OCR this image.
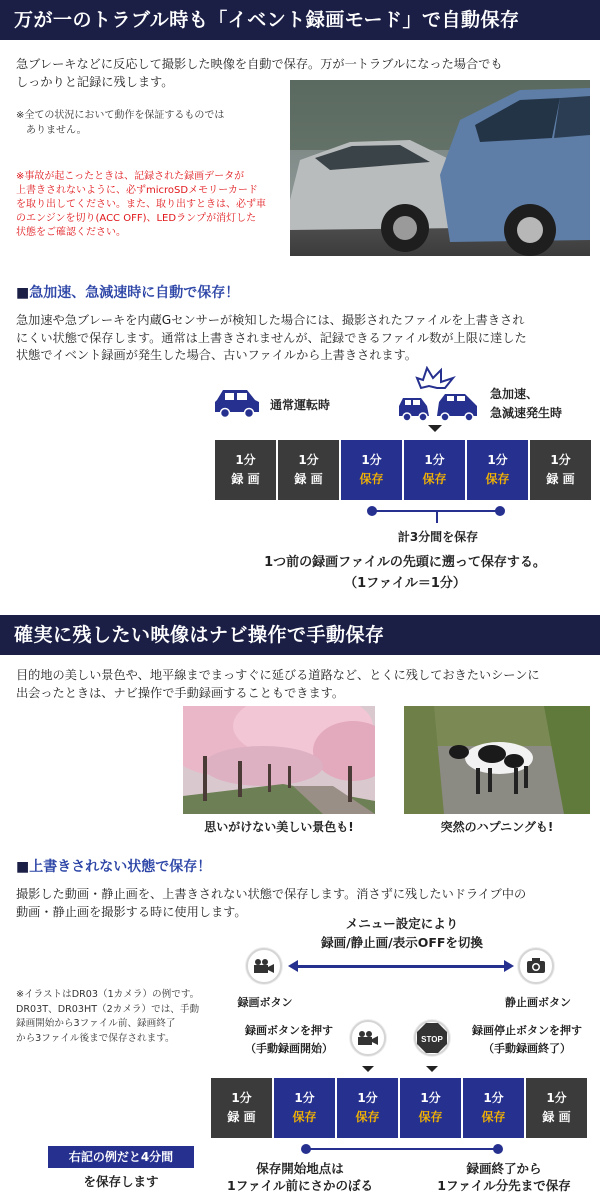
万が一のトラブル時も「イベント録画モード」で自動保存
急ブレーキなどに反応して撮影した映像を自動で保存。万が一トラブルになった場合でも
しっかりと記録に残します。
※全ての状況において動作を保証するものでは
　ありません。
※事故が起こったときは、記録された録画データが
上書きされないように、必ずmicroSDメモリーカード
を取り出してください。また、取り出すときは、必ず車
のエンジンを切り(ACC OFF)、LEDランプが消灯した
状態をご確認ください。
■急加速、急減速時に自動で保存！
急加速や急ブレーキを内蔵Gセンサーが検知した場合には、撮影されたファイルを上書きされ
にくい状態で保存します。通常は上書きされませんが、記録できるファイル数が上限に達した
状態でイベント録画が発生した場合、古いファイルから上書きされます。
通常運転時
急加速、
急減速発生時
1分
録 画
1分
録 画
1分
保存
1分
保存
1分
保存
1分
録 画
計3分間を保存
1つ前の録画ファイルの先頭に遡って保存する。
（1ファイル＝1分）
確実に残したい映像はナビ操作で手動保存
目的地の美しい景色や、地平線までまっすぐに延びる道路など、とくに残しておきたいシーンに
出会ったときは、ナビ操作で手動録画することもできます。
思いがけない美しい景色も!	突然のハプニングも!
■上書きされない状態で保存！
撮影した動画・静止画を、上書きされない状態で保存します。消さずに残したいドライブ中の
動画・静止画を撮影する時に使用します。
メニュー設定により
録画/静止画/表示OFFを切換
録画ボタン	静止画ボタン
※イラストはDR03（1カメラ）の例です。
DR03T、DR03HT（2カメラ）では、手動
録画開始から3ファイル前、録画終了
から3ファイル後まで保存されます。
録画ボタンを押す
（手動録画開始）
STOP
録画停止ボタンを押す
（手動録画終了）
1分
録 画
1分
保存
1分
保存
1分
保存
1分
保存
1分
録 画
右記の例だと4分間
を保存します
保存開始地点は
1ファイル前にさかのぼる
録画終了から
1ファイル分先まで保存
